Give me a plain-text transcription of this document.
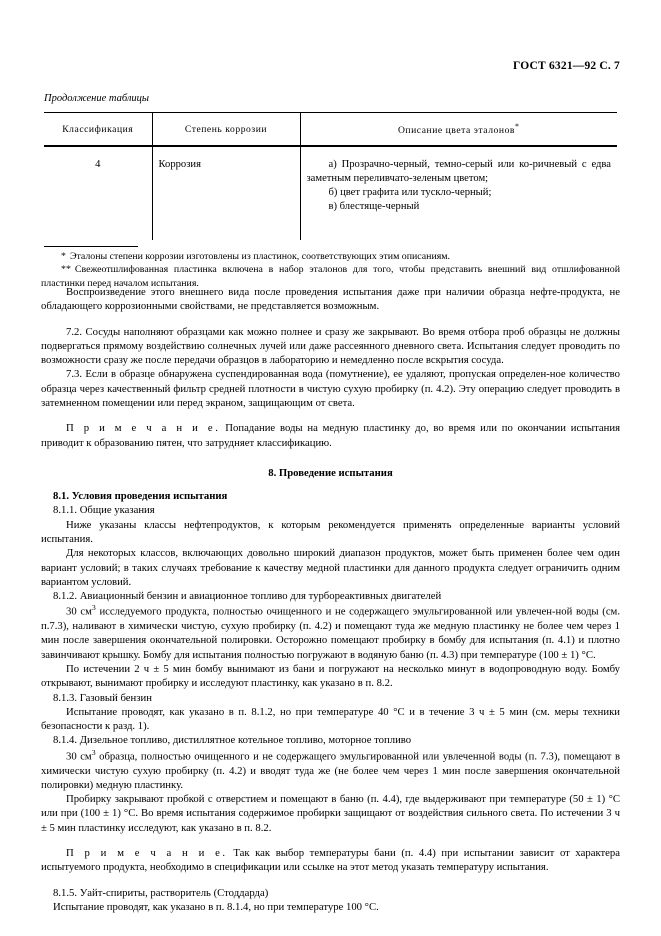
ГОСТ 6321—92 С. 7
Продолжение таблицы
Классификация	Степень коррозии	Описание цвета эталонов*
4	Коррозия	а) Прозрачно-черный, темно-серый или ко-ричневый с едва заметным переливчато-зеленым цветом;
б) цвет графита или тускло-черный;
в) блестяще-черный

* Эталоны степени коррозии изготовлены из пластинок, соответствующих этим описаниям.

** Свежеотшлифованная пластинка включена в набор эталонов для того, чтобы представить внешний вид отшлифованной пластинки перед началом испытания.

Воспроизведение этого внешнего вида после проведения испытания даже при наличии образца нефте-продукта, не обладающего коррозионными свойствами, не представляется возможным.

7.2. Сосуды наполняют образцами как можно полнее и сразу же закрывают. Во время отбора проб образцы не должны подвергаться прямому воздействию солнечных лучей или даже рассеянного дневного света. Испытания следует проводить по возможности сразу же после передачи образцов в лабораторию и немедленно после вскрытия сосуда.

7.3. Если в образце обнаружена суспендированная вода (помутнение), ее удаляют, пропуская определен-ное количество образца через качественный фильтр средней плотности в чистую сухую пробирку (п. 4.2). Эту операцию следует проводить в затемненном помещении или перед экраном, защищающим от света.

П р и м е ч а н и е. Попадание воды на медную пластинку до, во время или по окончании испытания приводит к образованию пятен, что затрудняет классификацию.

8. Проведение испытания

8.1. Условия проведения испытания

8.1.1. Общие указания

Ниже указаны классы нефтепродуктов, к которым рекомендуется применять определенные варианты условий испытания.

Для некоторых классов, включающих довольно широкий диапазон продуктов, может быть применен более чем один вариант условий; в таких случаях требование к качеству медной пластинки для данного продукта следует ограничить одним вариантом условий.

8.1.2. Авиационный бензин и авиационное топливо для турбореактивных двигателей

30 $см^3$ исследуемого продукта, полностью очищенного и не содержащего эмульгированной или увлечен-ной воды (см. п.7.3), наливают в химически чистую, сухую пробирку (п. 4.2) и помещают туда же медную пластинку не более чем через 1 мин после завершения окончательной полировки. Осторожно помещают пробирку в бомбу для испытания (п. 4.1) и плотно завинчивают крышку. Бомбу для испытания полностью погружают в водяную баню (п. 4.3) при температуре (100 ± 1) °С.

По истечении 2 ч ± 5 мин бомбу вынимают из бани и погружают на несколько минут в водопроводную воду. Бомбу открывают, вынимают пробирку и исследуют пластинку, как указано в п. 8.2.

8.1.3. Газовый бензин

Испытание проводят, как указано в п. 8.1.2, но при температуре 40 °С и в течение 3 ч ± 5 мин (см. меры техники безопасности к разд. 1).

8.1.4. Дизельное топливо, дистиллятное котельное топливо, моторное топливо

30 $см^3$ образца, полностью очищенного и не содержащего эмульгированной или увлеченной воды (п. 7.3), помещают в химически чистую сухую пробирку (п. 4.2) и вводят туда же (не более чем через 1 мин после завершения окончательной полировки) медную пластинку.

Пробирку закрывают пробкой с отверстием и помещают в баню (п. 4.4), где выдерживают при температуре (50 ± 1) °С или при (100 ± 1) °С. Во время испытания содержимое пробирки защищают от воздействия сильного света. По истечении 3 ч ± 5 мин пластинку исследуют, как указано в п. 8.2.

П р и м е ч а н и е. Так как выбор температуры бани (п. 4.4) при испытании зависит от характера испытуемого продукта, необходимо в спецификации или ссылке на этот метод указать температуру испытания.

8.1.5. Уайт-спириты, растворитель (Стоддарда)

Испытание проводят, как указано в п. 8.1.4, но при температуре 100 °С.
